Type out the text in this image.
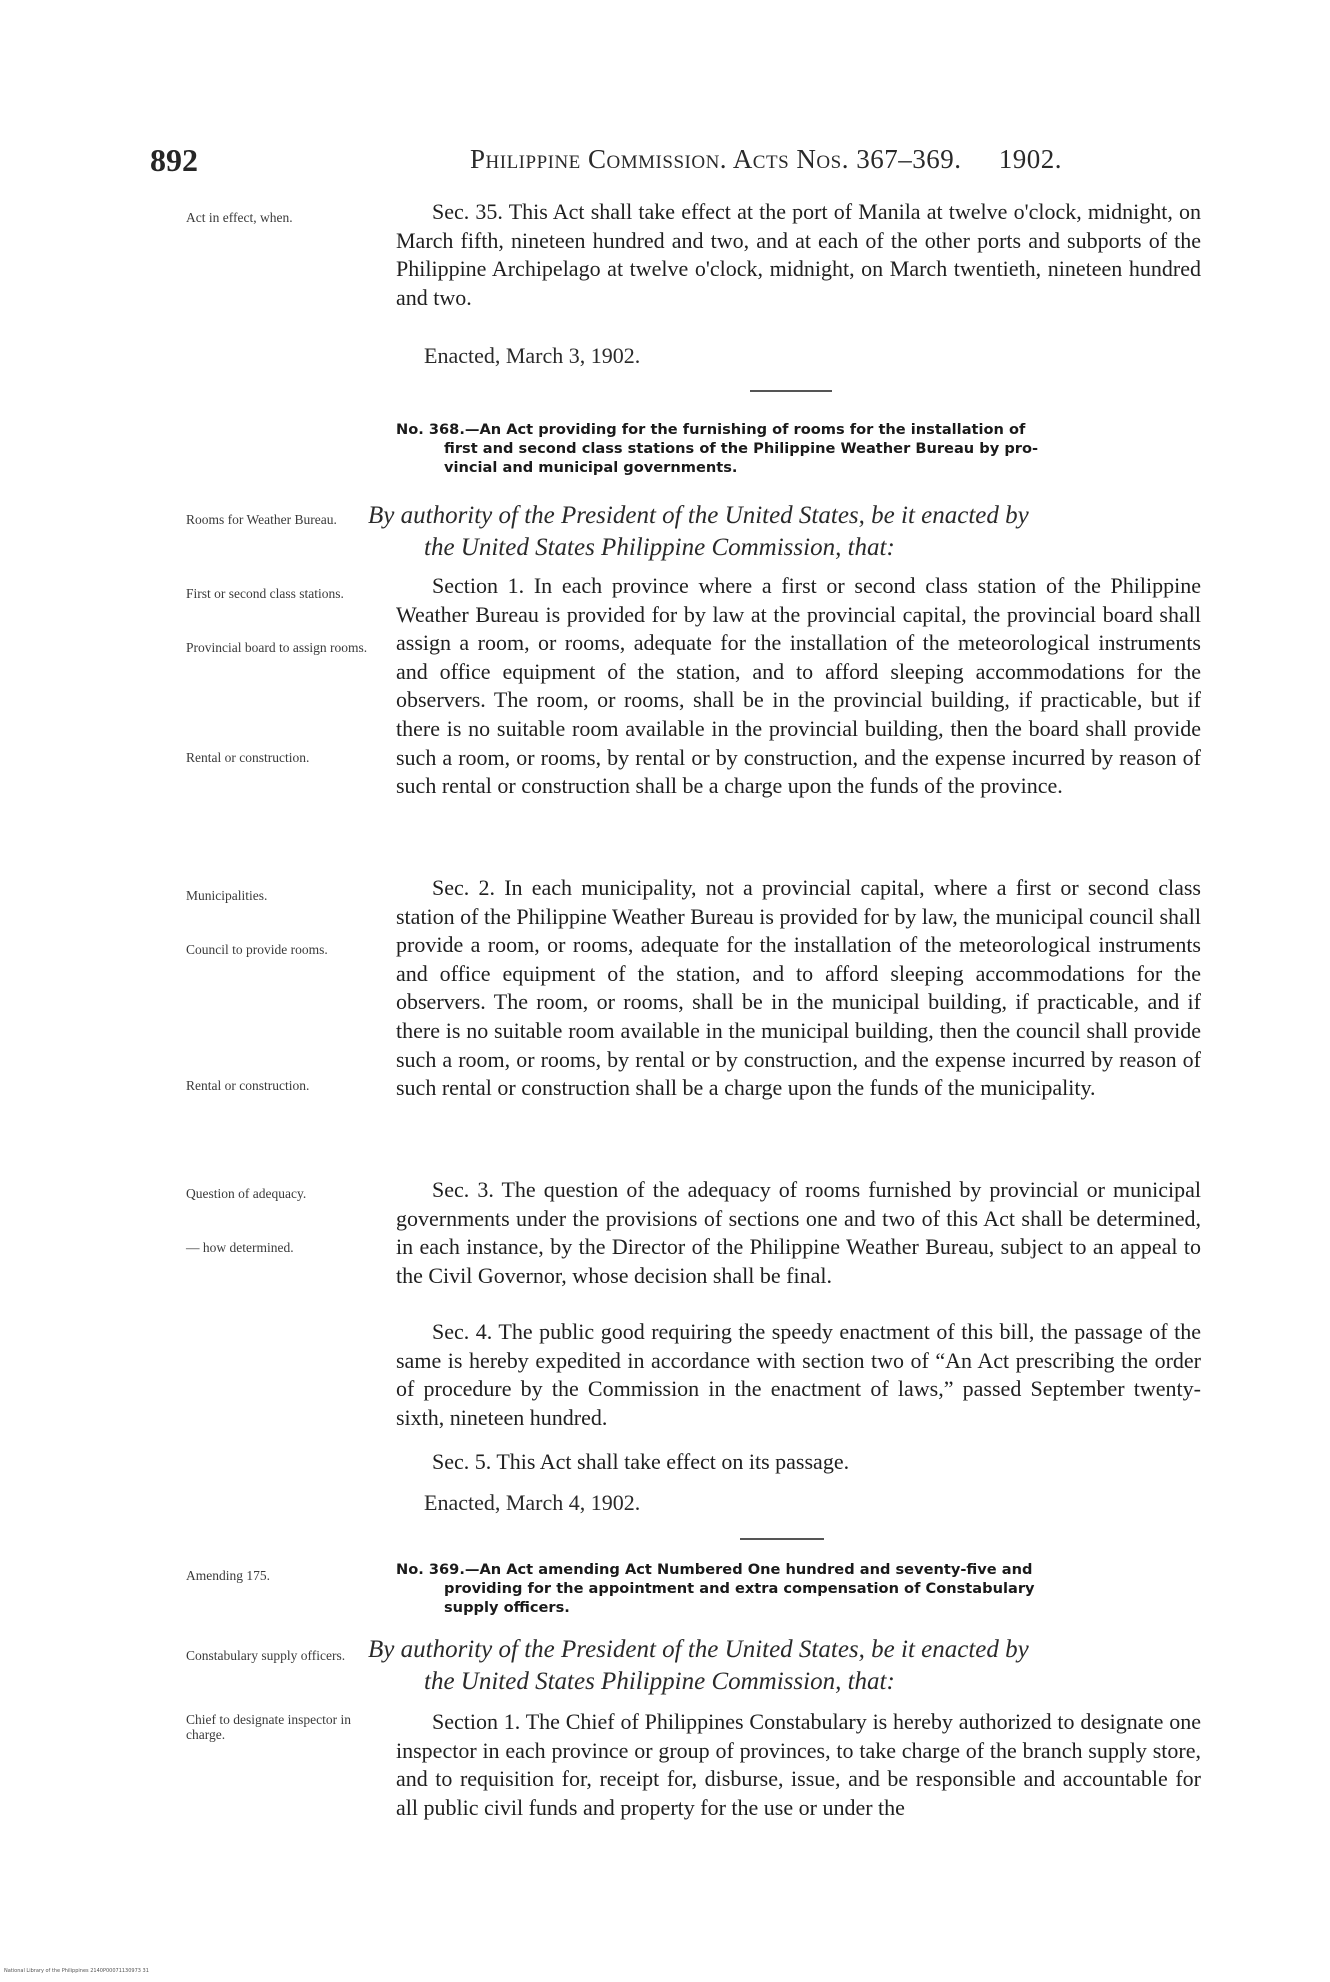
892	Philippine Commission. Acts Nos. 367–369. 1902.
Act in effect, when.	Sec. 35. This Act shall take effect at the port of Manila at twelve o'clock, midnight, on March fifth, nineteen hundred and two, and at each of the other ports and subports of the Philippine Archipelago at twelve o'clock, midnight, on March twentieth, nineteen hundred and two.
Enacted, March 3, 1902.
No. 368.—An Act providing for the furnishing of rooms for the installation of
first and second class stations of the Philippine Weather Bureau by pro-
vincial and municipal governments.
Rooms for Weather Bureau.	By authority of the President of the United States, be it enacted by
the United States Philippine Commission, that:
First or second class stations.
Provincial board to assign rooms.
Rental or construction.
Section 1. In each province where a first or second class station of the Philippine Weather Bureau is provided for by law at the provincial capital, the provincial board shall assign a room, or rooms, adequate for the installation of the meteorological instruments and office equipment of the station, and to afford sleeping accommodations for the observers. The room, or rooms, shall be in the provincial building, if practicable, but if there is no suitable room available in the provincial building, then the board shall provide such a room, or rooms, by rental or by construction, and the expense incurred by reason of such rental or construction shall be a charge upon the funds of the province.
Municipalities.
Council to provide rooms.
Rental or construction.
Sec. 2. In each municipality, not a provincial capital, where a first or second class station of the Philippine Weather Bureau is provided for by law, the municipal council shall provide a room, or rooms, adequate for the installation of the meteorological instruments and office equipment of the station, and to afford sleeping accommodations for the observers. The room, or rooms, shall be in the municipal building, if practicable, and if there is no suitable room available in the municipal building, then the council shall provide such a room, or rooms, by rental or by construction, and the expense incurred by reason of such rental or construction shall be a charge upon the funds of the municipality.
Question of adequacy.
— how determined.
Sec. 3. The question of the adequacy of rooms furnished by provincial or municipal governments under the provisions of sections one and two of this Act shall be determined, in each instance, by the Director of the Philippine Weather Bureau, subject to an appeal to the Civil Governor, whose decision shall be final.
Sec. 4. The public good requiring the speedy enactment of this bill, the passage of the same is hereby expedited in accordance with section two of “An Act prescribing the order of procedure by the Commission in the enactment of laws,” passed September twenty-sixth, nineteen hundred.
Sec. 5. This Act shall take effect on its passage.
Enacted, March 4, 1902.
Amending 175.	No. 369.—An Act amending Act Numbered One hundred and seventy-five and
providing for the appointment and extra compensation of Constabulary
supply officers.
Constabulary supply officers. By authority of the President of the United States, be it enacted by
the United States Philippine Commission, that:
Chief to designate inspector in charge.
Section 1. The Chief of Philippines Constabulary is hereby authorized to designate one inspector in each province or group of provinces, to take charge of the branch supply store, and to requisition for, receipt for, disburse, issue, and be responsible and accountable for all public civil funds and property for the use or under the
National Library of the Philippines 2140P00071130973 31
